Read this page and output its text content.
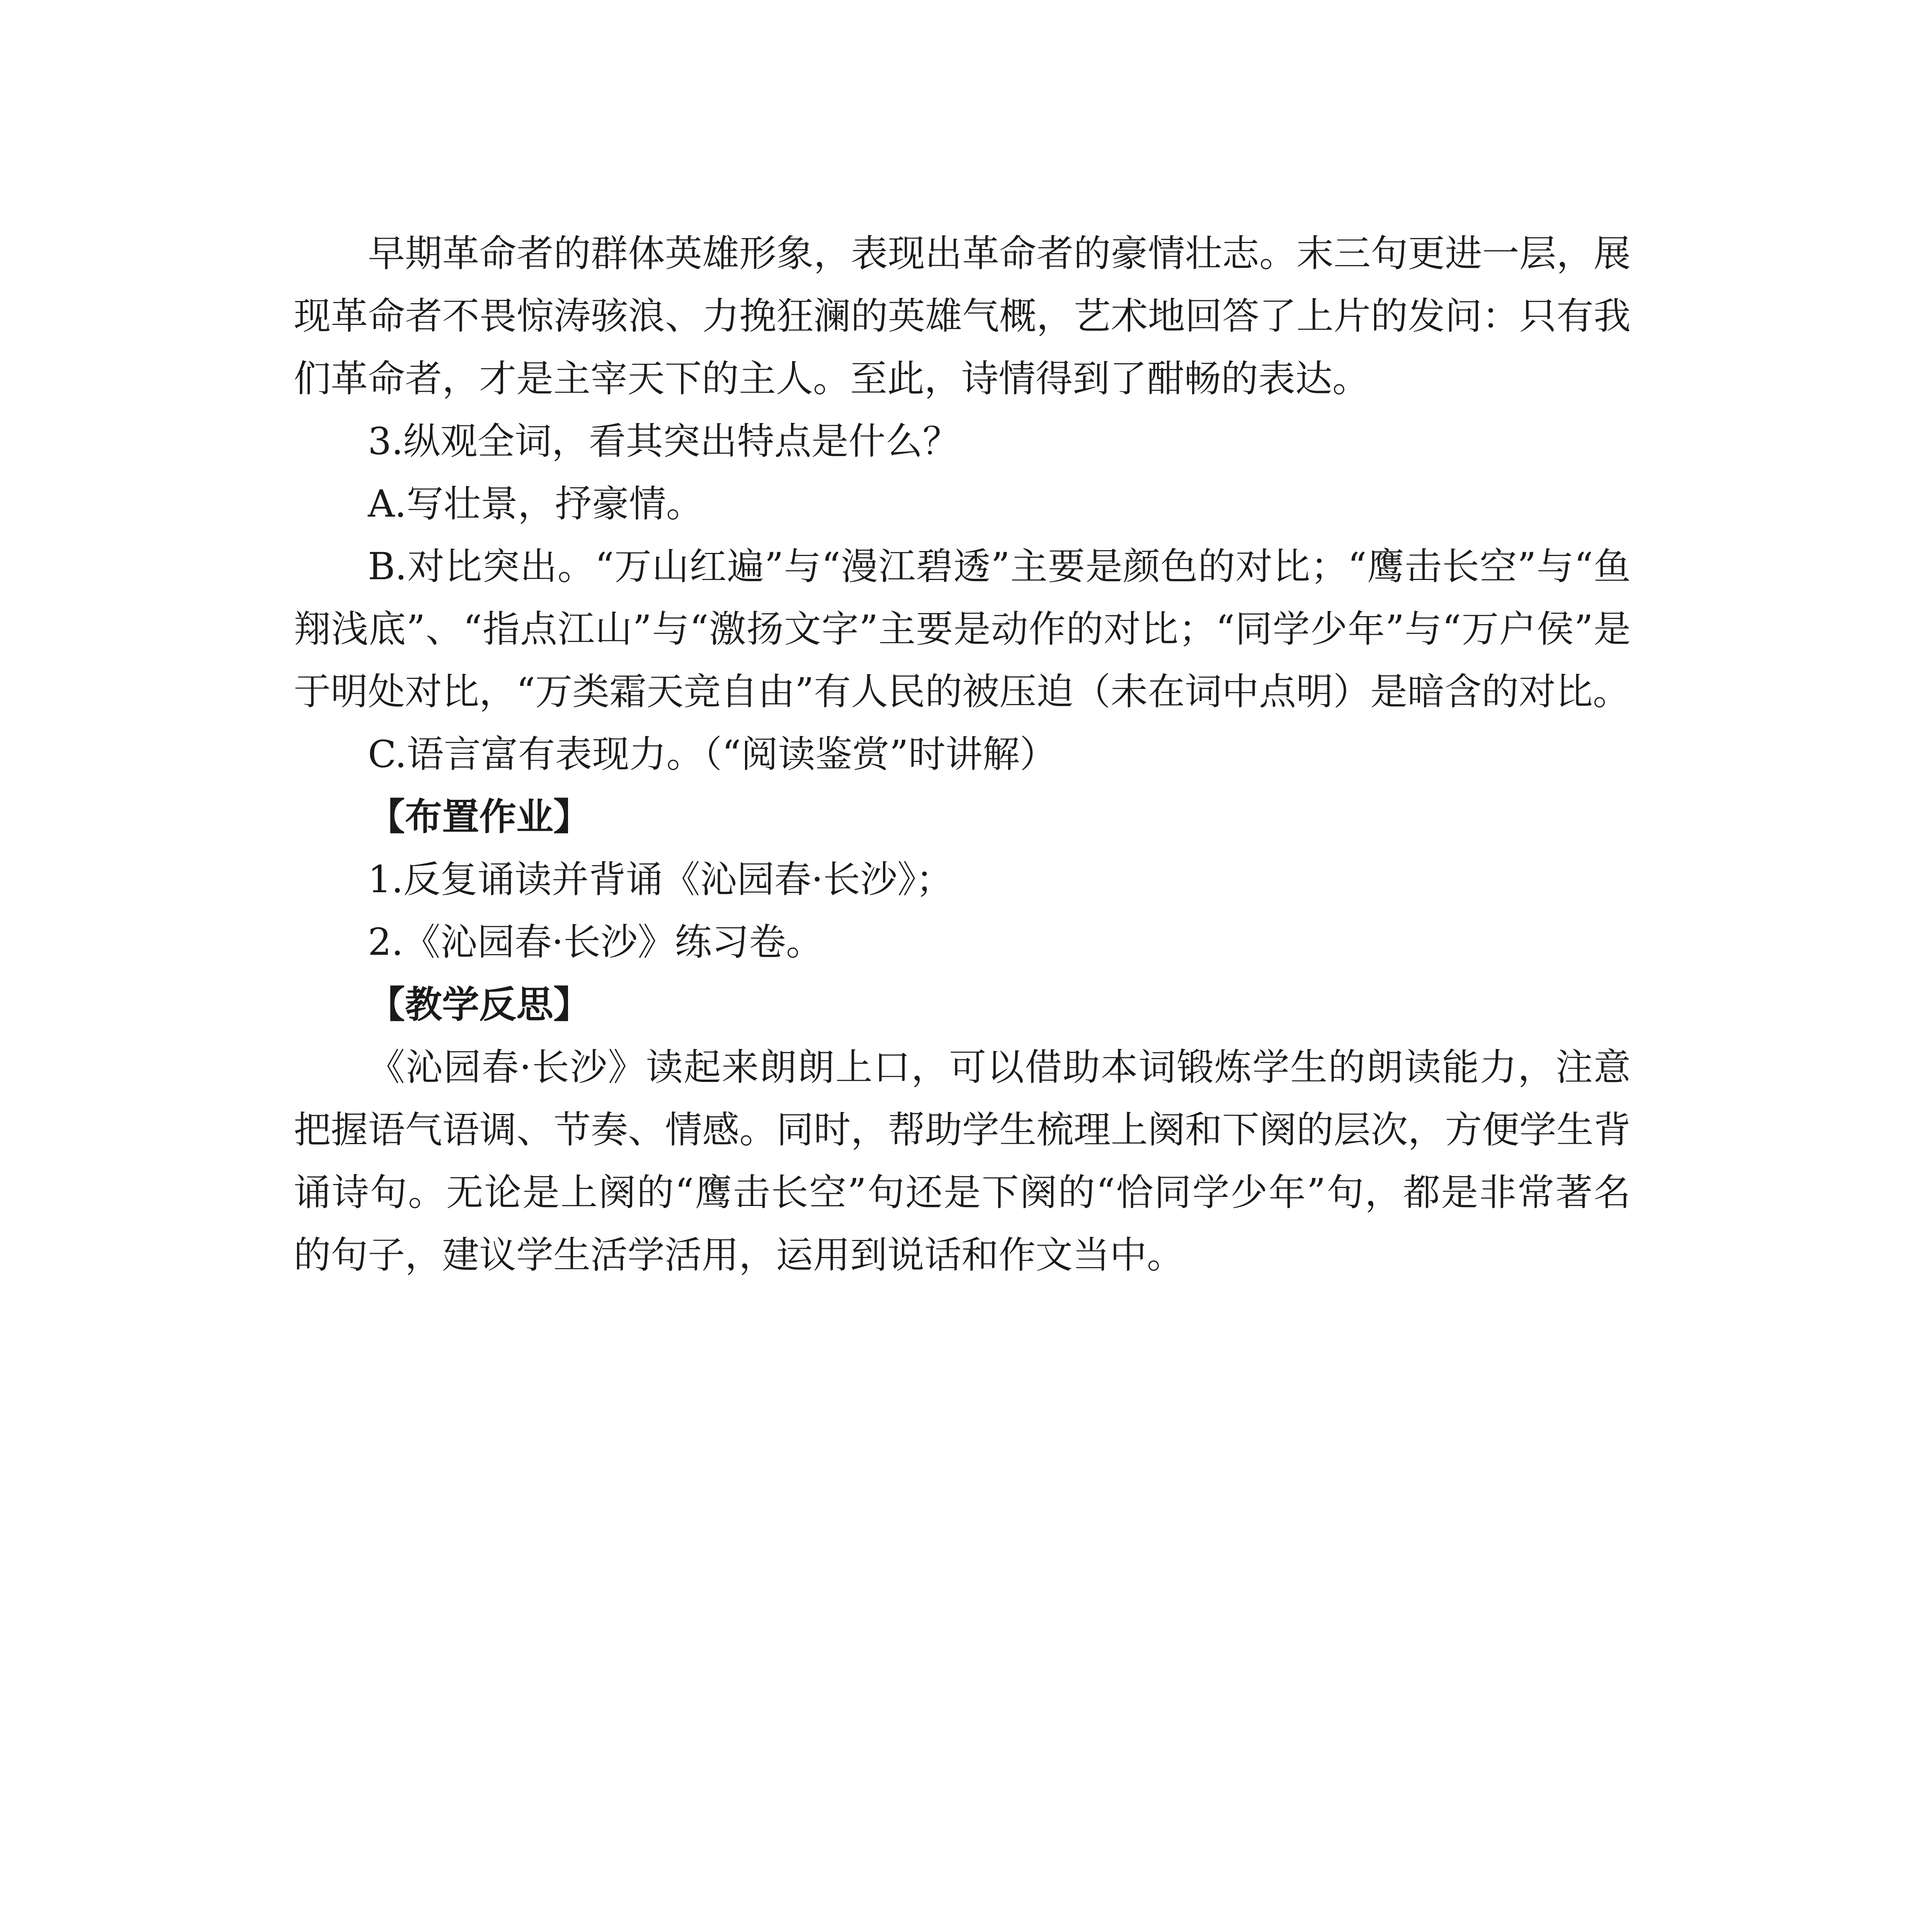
早期革命者的群体英雄形象，表现出革命者的豪情壮志。末三句更进一层，展现革命者不畏惊涛骇浪、力挽狂澜的英雄气概，艺术地回答了上片的发问：只有我们革命者，才是主宰天下的主人。至此，诗情得到了酣畅的表达。

3.纵观全词，看其突出特点是什么？

A.写壮景，抒豪情。

B.对比突出。“万山红遍”与“漫江碧透”主要是颜色的对比；“鹰击长空”与“鱼翔浅底”、“指点江山”与“激扬文字”主要是动作的对比；“同学少年”与“万户侯”是于明处对比，“万类霜天竞自由”有人民的被压迫（未在词中点明）是暗含的对比。

C.语言富有表现力。（“阅读鉴赏”时讲解）

【布置作业】

1.反复诵读并背诵《沁园春·长沙》；

2.《沁园春·长沙》练习卷。

【教学反思】

《沁园春·长沙》读起来朗朗上口，可以借助本词锻炼学生的朗读能力，注意把握语气语调、节奏、情感。同时，帮助学生梳理上阕和下阕的层次，方便学生背诵诗句。无论是上阕的“鹰击长空”句还是下阕的“恰同学少年”句，都是非常著名的句子，建议学生活学活用，运用到说话和作文当中。
